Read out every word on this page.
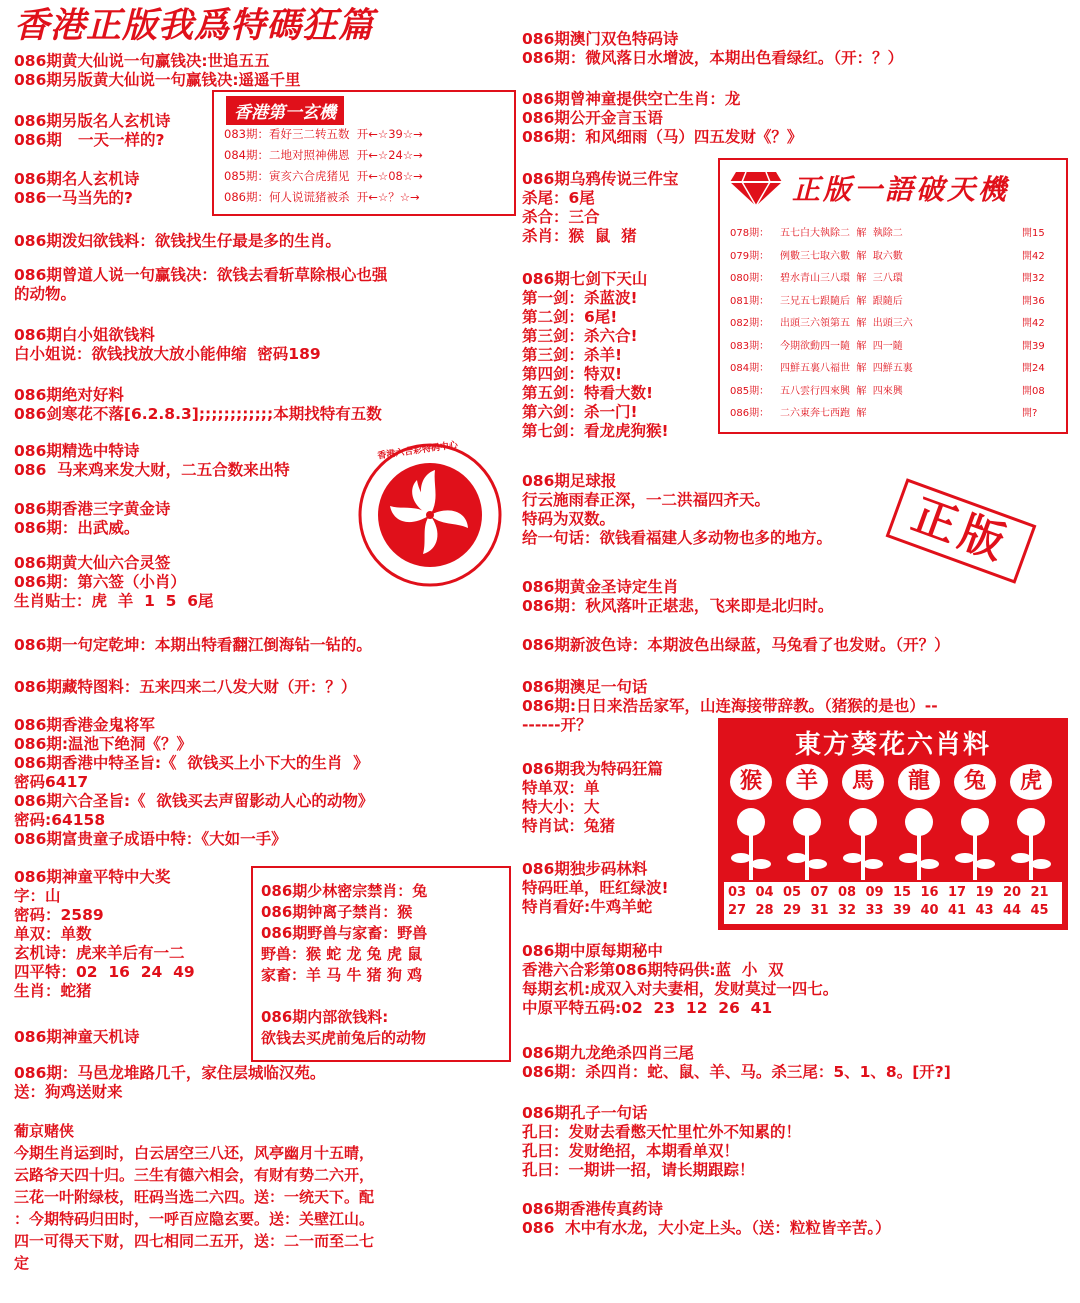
香港正版我爲特碼狂篇
086期黄大仙说一句赢钱决:世追五五
086期另版黄大仙说一句赢钱决:遥遥千里
086期另版名人玄机诗
086期   一天一样的?
086期名人玄机诗
086一马当先的?
086期泼妇欲钱料：欲钱找生仔最是多的生肖。
086期曾道人说一句赢钱决：欲钱去看斩草除根心也强
的动物。
086期白小姐欲钱料
白小姐说：欲钱找放大放小能伸缩  密码189
086期绝对好料
086剑寒花不落[6.2.8.3];;;;;;;;;;;;本期找特有五数
086期精选中特诗
086  马来鸡来发大财，二五合数来出特
086期香港三字黄金诗
086期：出武威。
086期黄大仙六合灵签
086期：第六签（小肖）
生肖贴士：虎  羊  1  5  6尾
086期一句定乾坤：本期出特看翻江倒海钻一钻的。
086期藏特图料：五来四来二八发大财（开：？）
086期香港金鬼将军
086期:温池下绝洞《？》
086期香港中特圣旨:《  欲钱买上小下大的生肖  》
密码6417
086期六合圣旨:《  欲钱买去声留影动人心的动物》
密码:64158
086期富贵童子成语中特：《大如一手》
086期神童平特中大奖
字：山
密码：2589
单双：单数
玄机诗：虎来羊后有一二
四平特：02  16  24  49
生肖：蛇猪
086期神童天机诗
086期：马邑龙堆路几千，家住层城临汉苑。
送：狗鸡送财来
葡京赌侠
今期生肖运到时，白云居空三八还，风亭幽月十五晴，
云路爷天四十归。三生有德六相会，有财有势二六开，
三花一叶附绿枝，旺码当选二六四。送：一统天下。配
：今期特码归田时，一呼百应隐玄要。送：关壁江山。
四一可得天下财，四七相同二五开，送：二一而至二七
定
香港第一玄機
083期：看好三二转五数  开←☆39☆→
084期：二地对照神佛恩  开←☆24☆→
085期：寅亥六合虎猪见  开←☆08☆→
086期：何人说谎猪被杀  开←☆？☆→
香港六合彩特码中心
086期少林密宗禁肖：兔
086期钟离子禁肖：猴
086期野兽与家畜：野兽
野兽：猴 蛇 龙 兔 虎 鼠
家畜：羊 马 牛 猪 狗 鸡
086期内部欲钱料:
欲钱去买虎前兔后的动物
086期澳门双色特码诗
086期：微风落日水增波，本期出色看绿红。（开：？）
086期曾神童提供空亡生肖：龙
086期公开金言玉语
086期：和风细雨（马）四五发财《？》
086期乌鸦传说三件宝
杀尾：6尾
杀合：三合
杀肖：猴  鼠  猪
086期七剑下天山
第一剑：杀蓝波!
第二剑：6尾!
第三剑：杀六合!
第三剑：杀羊!
第四剑：特双!
第五剑：特看大数!
第六剑：杀一门!
第七剑：看龙虎狗猴!
086期足球报
行云施雨春正深，一二洪福四齐天。
特码为双数。
给一句话：欲钱看福建人多动物也多的地方。
086期黄金圣诗定生肖
086期：秋风落叶正堪悲，飞来即是北归时。
086期新波色诗：本期波色出绿蓝，马兔看了也发财。（开？）
086期澳足一句话
086期:日日来浩岳家军，山连海接带辞教。（猪猴的是也）--
------开？
086期我为特码狂篇
特单双：单
特大小：大
特肖试：兔猪
086期独步码林料
特码旺单，旺红绿波!
特肖看好:牛鸡羊蛇
086期中原每期秘中
香港六合彩第086期特码供:蓝  小  双
每期玄机:成双入对夫妻相，发财莫过一四七。
中原平特五码:02  23  12  26  41
086期九龙绝杀四肖三尾
086期：杀四肖：蛇、鼠、羊、马。杀三尾：5、1、8。[开?]
086期孔子一句话
孔曰：发财去看憋天忙里忙外不知累的！
孔曰：发财绝招，本期看单双！
孔曰：一期讲一招，请长期跟踪！
086期香港传真药诗
086  木中有水龙，大小定上头。（送：粒粒皆辛苦。）
正版一語破天機
078期： 五七白大執除二  解  執除二	開15
079期： 例數三七取六數  解  取六數	開42
080期： 碧水青山三八環  解  三八環	開32
081期： 三兄五七跟隨后  解  跟隨后	開36
082期： 出頭三六領第五  解  出頭三六	開42
083期： 今期欲動四一隨  解  四一隨	開39
084期： 四鮮五裏八福世  解  四鮮五裏	開24
085期： 五八雲行四來興  解  四來興	開08
086期： 二六東奔七西跑  解	開?
正版
東方葵花六肖料
猴	羊	馬	龍	兔	虎
03 04 05 07 08 09 15 16 17 19 20 21
27 28 29 31 32 33 39 40 41 43 44 45
